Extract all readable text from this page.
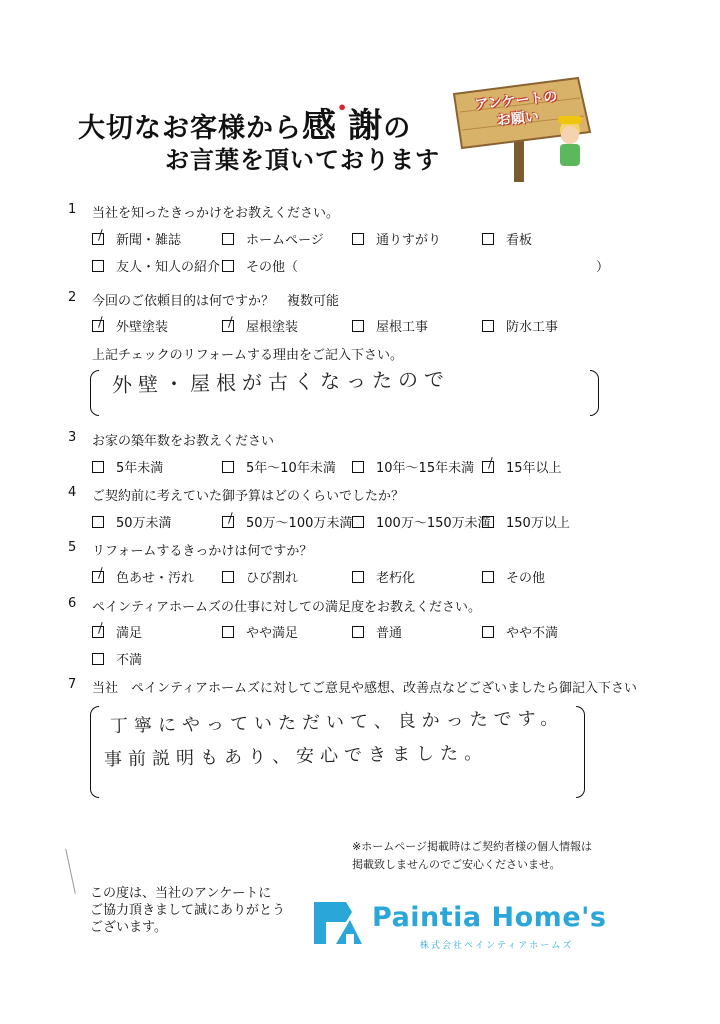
大切なお客様から感•謝の
お言葉を頂いております
アンケートの
お願い
1 当社を知ったきっかけをお教えください。
新聞・雑誌	ホームページ	通りすがり	看板
友人・知人の紹介 その他（	）
2 今回のご依頼目的は何ですか？　複数可能
外壁塗装	屋根塗装	屋根工事	防水工事
上記チェックのリフォームする理由をご記入下さい。
外壁・屋根が古くなったので
3 お家の築年数をお教えください
5年未満	5年～10年未満	10年～15年未満 15年以上
4 ご契約前に考えていた御予算はどのくらいでしたか？
50万未満	50万～100万未満 100万～150万未満 150万以上
5 リフォームするきっかけは何ですか？
色あせ・汚れ	ひび割れ	老朽化	その他
6 ペインティアホームズの仕事に対しての満足度をお教えください。
満足	やや満足	普通	やや不満
不満
7 当社　ペインティアホームズに対してご意見や感想、改善点などございましたら御記入下さい
丁寧にやっていただいて、良かったです。
事前説明もあり、安心できました。
※ホームページ掲載時はご契約者様の個人情報は
掲載致しませんのでご安心くださいませ。
この度は、当社のアンケートに
ご協力頂きまして誠にありがとう
ございます。	Paintia Home's
株式会社ペインティアホームズ
